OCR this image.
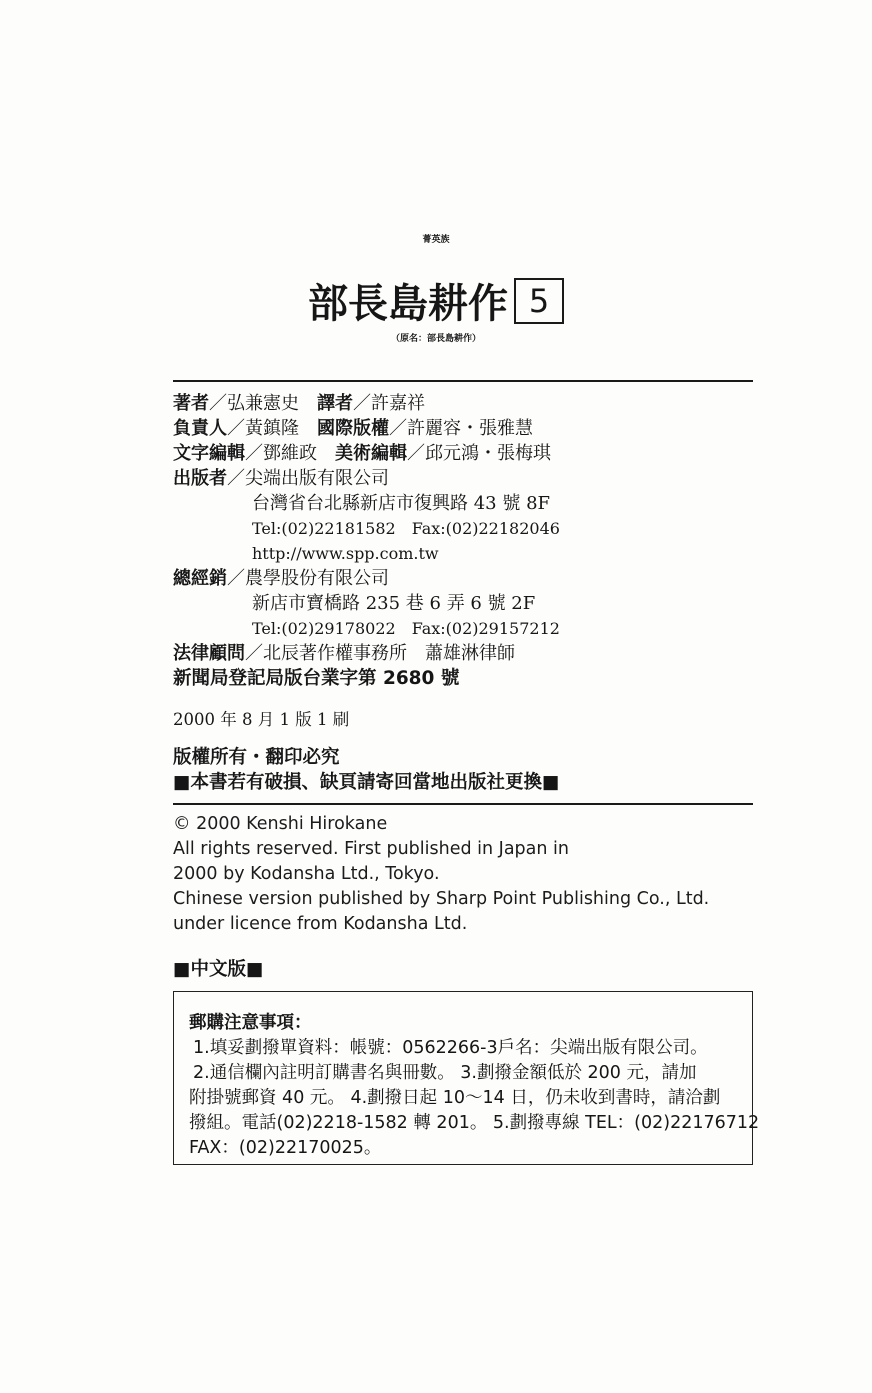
菁英族
部長島耕作 5
（原名：部長島耕作）
著者／弘兼憲史　 譯者／許嘉祥
負責人／黃鎮隆　 國際版權／許麗容・張雅慧
文字編輯／鄧維政　 美術編輯／邱元鴻・張梅琪
出版者／尖端出版有限公司
台灣省台北縣新店市復興路 43 號 8F
Tel:(02)22181582　Fax:(02)22182046
http://www.spp.com.tw
總經銷／農學股份有限公司
新店市寶橋路 235 巷 6 弄 6 號 2F
Tel:(02)29178022　Fax:(02)29157212
法律顧問／北辰著作權事務所　蕭雄淋律師
新聞局登記局版台業字第 2680 號
2000 年 8 月 1 版 1 刷
版權所有・翻印必究
■本書若有破損、缺頁請寄回當地出版社更換■
© 2000 Kenshi Hirokane
All rights reserved. First published in Japan in
2000 by Kodansha Ltd., Tokyo.
Chinese version published by Sharp Point Publishing Co., Ltd.
under licence from Kodansha Ltd.
■中文版■
郵購注意事項：
1.填妥劃撥單資料：帳號：0562266-3戶名：尖端出版有限公司。
2.通信欄內註明訂購書名與冊數。 3.劃撥金額低於 200 元，請加
附掛號郵資 40 元。 4.劃撥日起 10～14 日，仍未收到書時，請洽劃
撥組。電話(02)2218-1582 轉 201。 5.劃撥專線 TEL：(02)22176712
FAX：(02)22170025。
